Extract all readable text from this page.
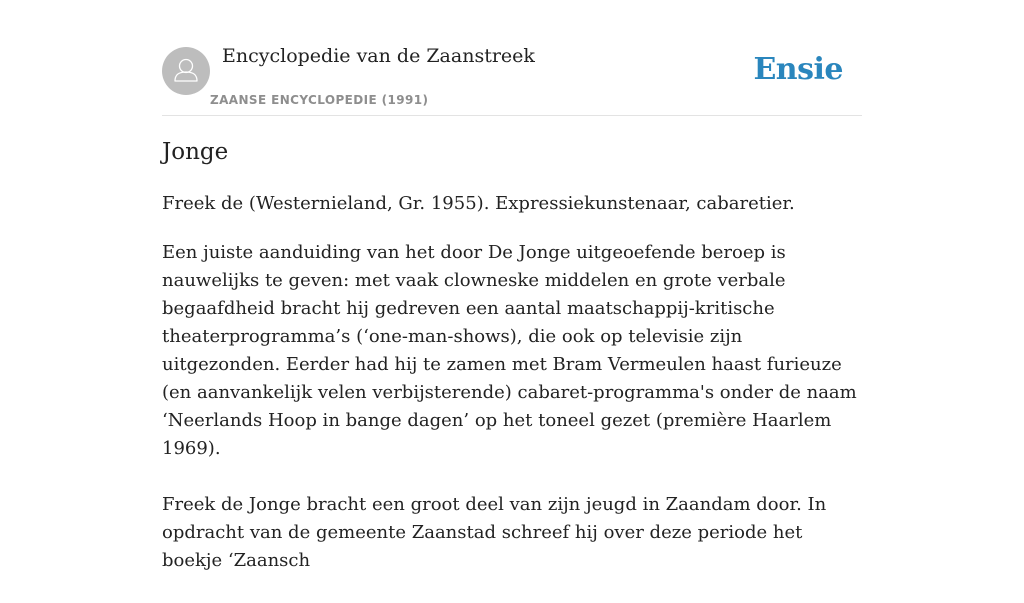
Encyclopedie van de Zaanstreek
ZAANSE ENCYCLOPEDIE (1991)
Ensie
Jonge

Freek de (Westernieland, Gr. 1955). Expressiekunstenaar, cabaretier.

Een juiste aanduiding van het door De Jonge uitgeoefende beroep is nauwelijks te geven: met vaak clowneske middelen en grote verbale begaafdheid bracht hij gedreven een aantal maatschappij-kritische theaterprogramma’s (‘one-man-shows), die ook op televisie zijn uitgezonden. Eerder had hij te zamen met Bram Vermeulen haast furieuze (en aanvankelijk velen verbijsterende) cabaret-programma's onder de naam ‘Neerlands Hoop in bange dagen’ op het toneel gezet (première Haarlem 1969).

Freek de Jonge bracht een groot deel van zijn jeugd in Zaandam door. In opdracht van de gemeente Zaanstad schreef hij over deze periode het boekje ‘Zaansch
